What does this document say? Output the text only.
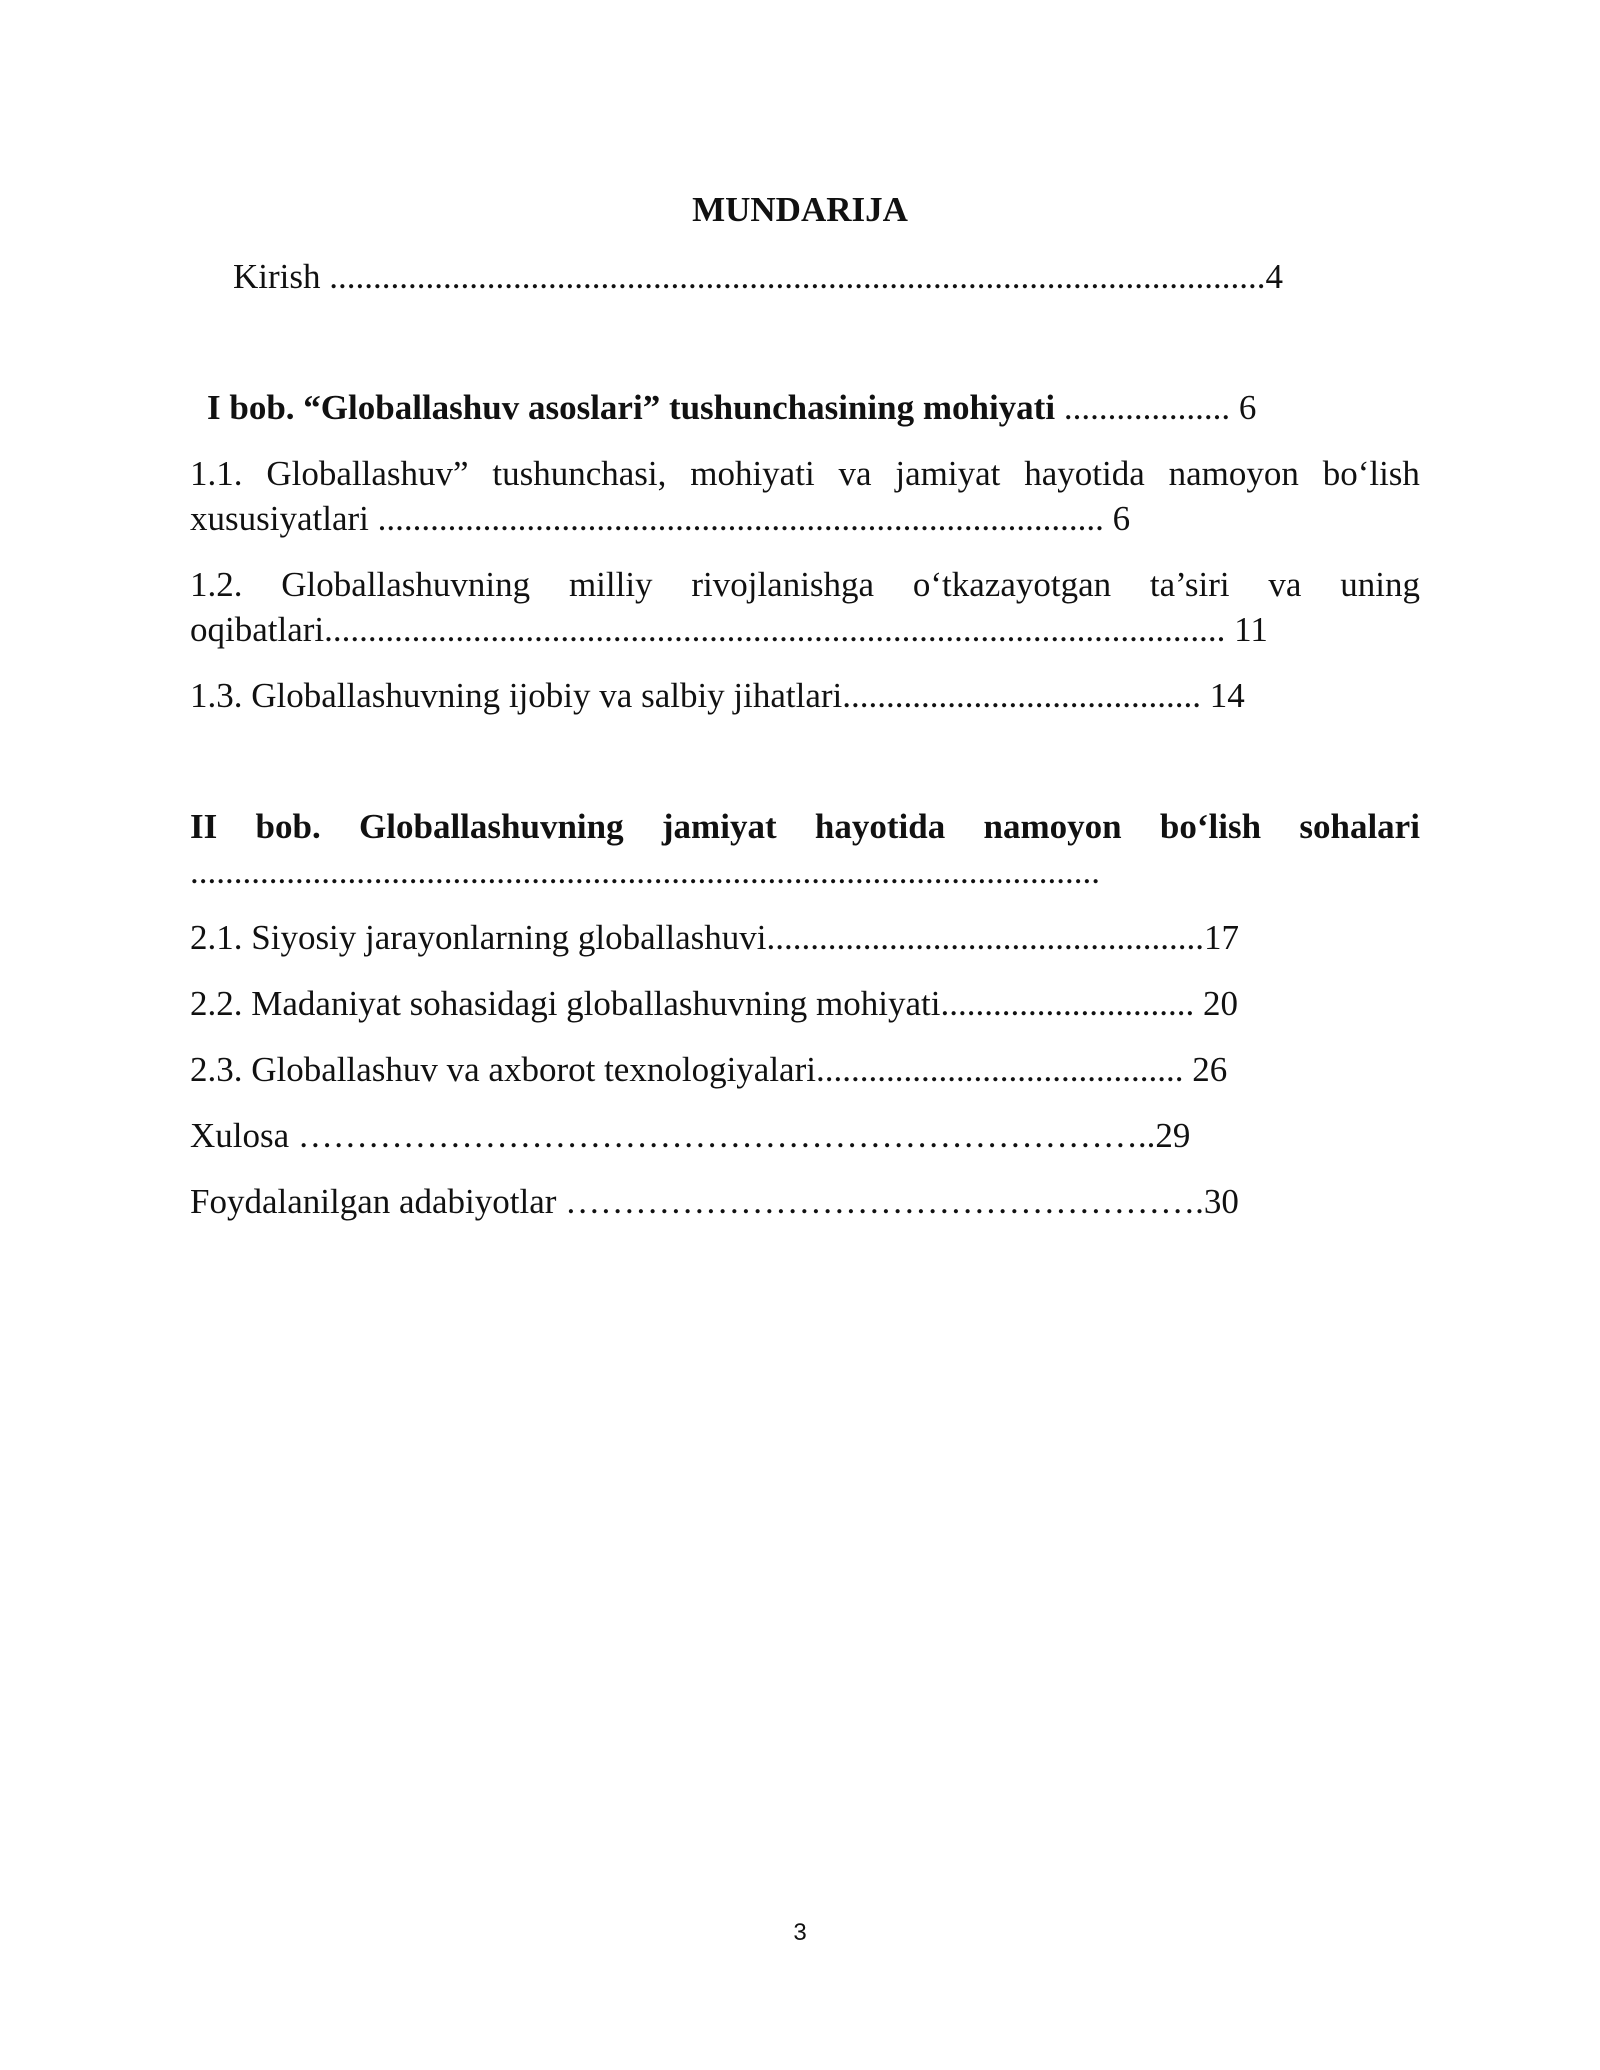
MUNDARIJA
Kirish ...........................................................................................................4
I bob. “Globallashuv asoslari” tushunchasining mohiyati ................... 6
1.1. Globallashuv” tushunchasi, mohiyati va jamiyat hayotida namoyon bo‘lish
xususiyatlari ................................................................................... 6
1.2. Globallashuvning milliy rivojlanishga o‘tkazayotgan ta’siri va uning
oqibatlari....................................................................................................... 11
1.3. Globallashuvning ijobiy va salbiy jihatlari......................................... 14
II bob. Globallashuvning jamiyat hayotida namoyon bo‘lish sohalari
........................................................................................................
2.1. Siyosiy jarayonlarning globallashuvi..................................................17
2.2. Madaniyat sohasidagi globallashuvning mohiyati............................. 20
2.3. Globallashuv va axborot texnologiyalari.......................................... 26
Xulosa ………………………………………………………………..29
Foydalanilgan adabiyotlar ……………………………………………….30
3
